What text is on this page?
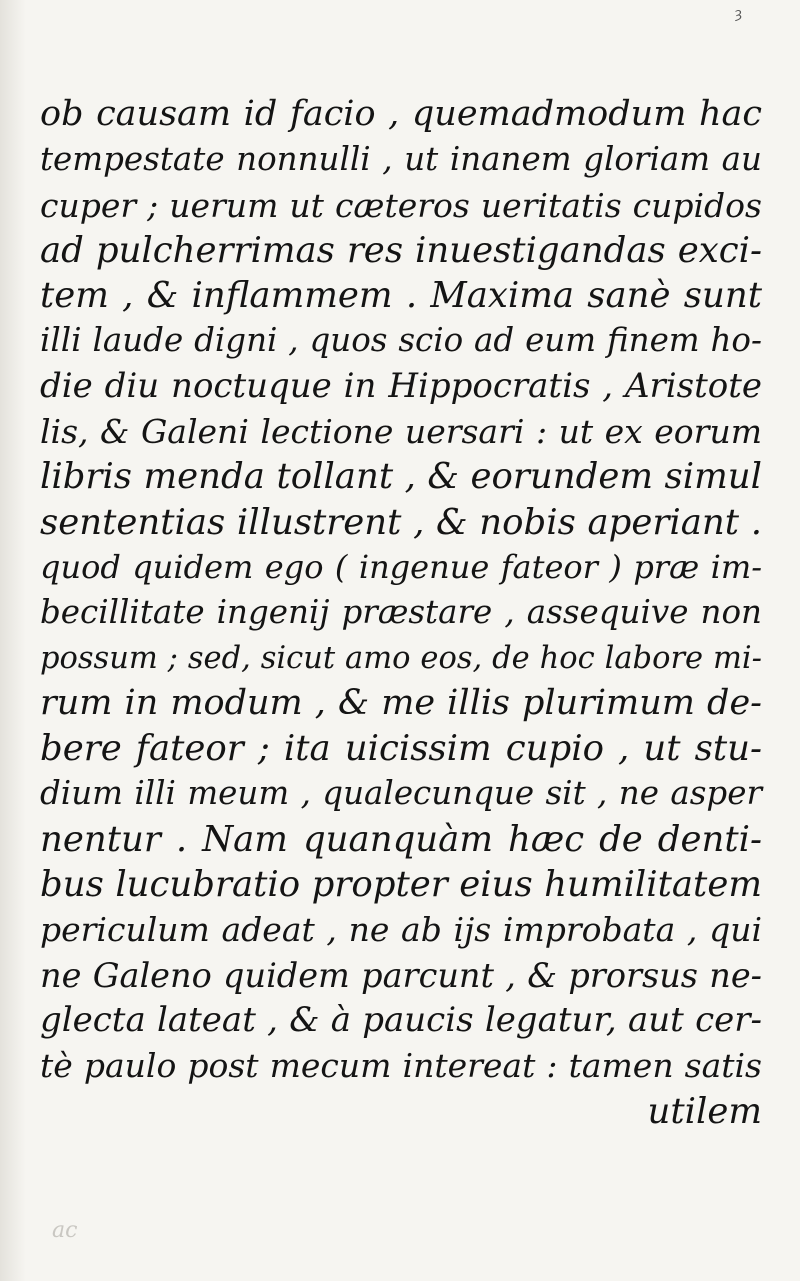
ȝ
ob causam id facio , quemadmodum hac
tempestate nonnulli , ut inanem gloriam au
cuper ; uerum ut cæteros ueritatis cupidos
ad pulcherrimas res inuestigandas exci-
tem , & inflammem . Maxima sanè sunt
illi laude digni , quos scio ad eum finem ho-
die diu noctuque in Hippocratis , Aristote
lis, & Galeni lectione uersari : ut ex eorum
libris menda tollant , & eorundem simul
sententias illustrent , & nobis aperiant .
quod quidem ego ( ingenue fateor ) præ im-
becillitate ingenij præstare , assequive non
possum ; sed, sicut amo eos, de hoc labore mi-
rum in modum , & me illis plurimum de-
bere fateor ; ita uicissim cupio , ut stu-
dium illi meum , qualecunque sit , ne asper
nentur . Nam quanquàm hæc de denti-
bus lucubratio propter eius humilitatem
periculum adeat , ne ab ijs improbata , qui
ne Galeno quidem parcunt , & prorsus ne-
glecta lateat , & à paucis legatur, aut cer-
tè paulo post mecum intereat : tamen satis
utilem
ac
